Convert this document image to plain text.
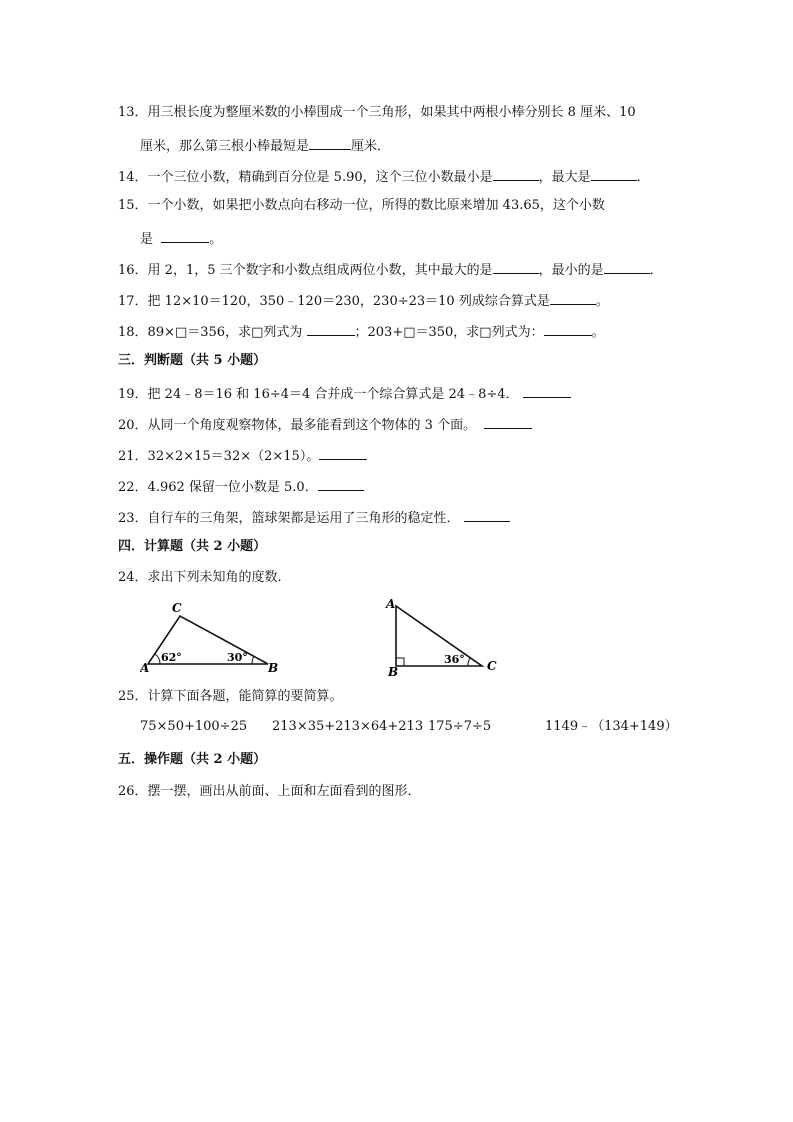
13．用三根长度为整厘米数的小棒围成一个三角形，如果其中两根小棒分别长 8 厘米、10
厘米，那么第三根小棒最短是	厘米．
14．一个三位小数，精确到百分位是 5.90，这个三位小数最小是	，最大是	．
15．一个小数，如果把小数点向右移动一位，所得的数比原来增加 43.65，这个小数
是	。
16．用 2，1，5 三个数字和小数点组成两位小数，其中最大的是	，最小的是	．
17．把 12×10＝120，350﹣120＝230，230÷23＝10 列成综合算式是	。
18．89×□＝356，求□列式为	；203+□＝350，求□列式为：	。
三．判断题（共 5 小题）
19．把 24﹣8＝16 和 16÷4＝4 合并成一个综合算式是 24﹣8÷4．
20．从同一个角度观察物体，最多能看到这个物体的 3 个面。
21．32×2×15＝32×（2×15）。
22．4.962 保留一位小数是 5.0．
23．自行车的三角架，篮球架都是运用了三角形的稳定性．
四．计算题（共 2 小题）
24．求出下列未知角的度数．
C
A	B
62°	30°
A
B	C
36°
25．计算下面各题，能简算的要简算。
75×50+100÷25 213×35+213×64+213 175÷7÷5	1149﹣（134+149）
五．操作题（共 2 小题）
26．摆一摆，画出从前面、上面和左面看到的图形．
